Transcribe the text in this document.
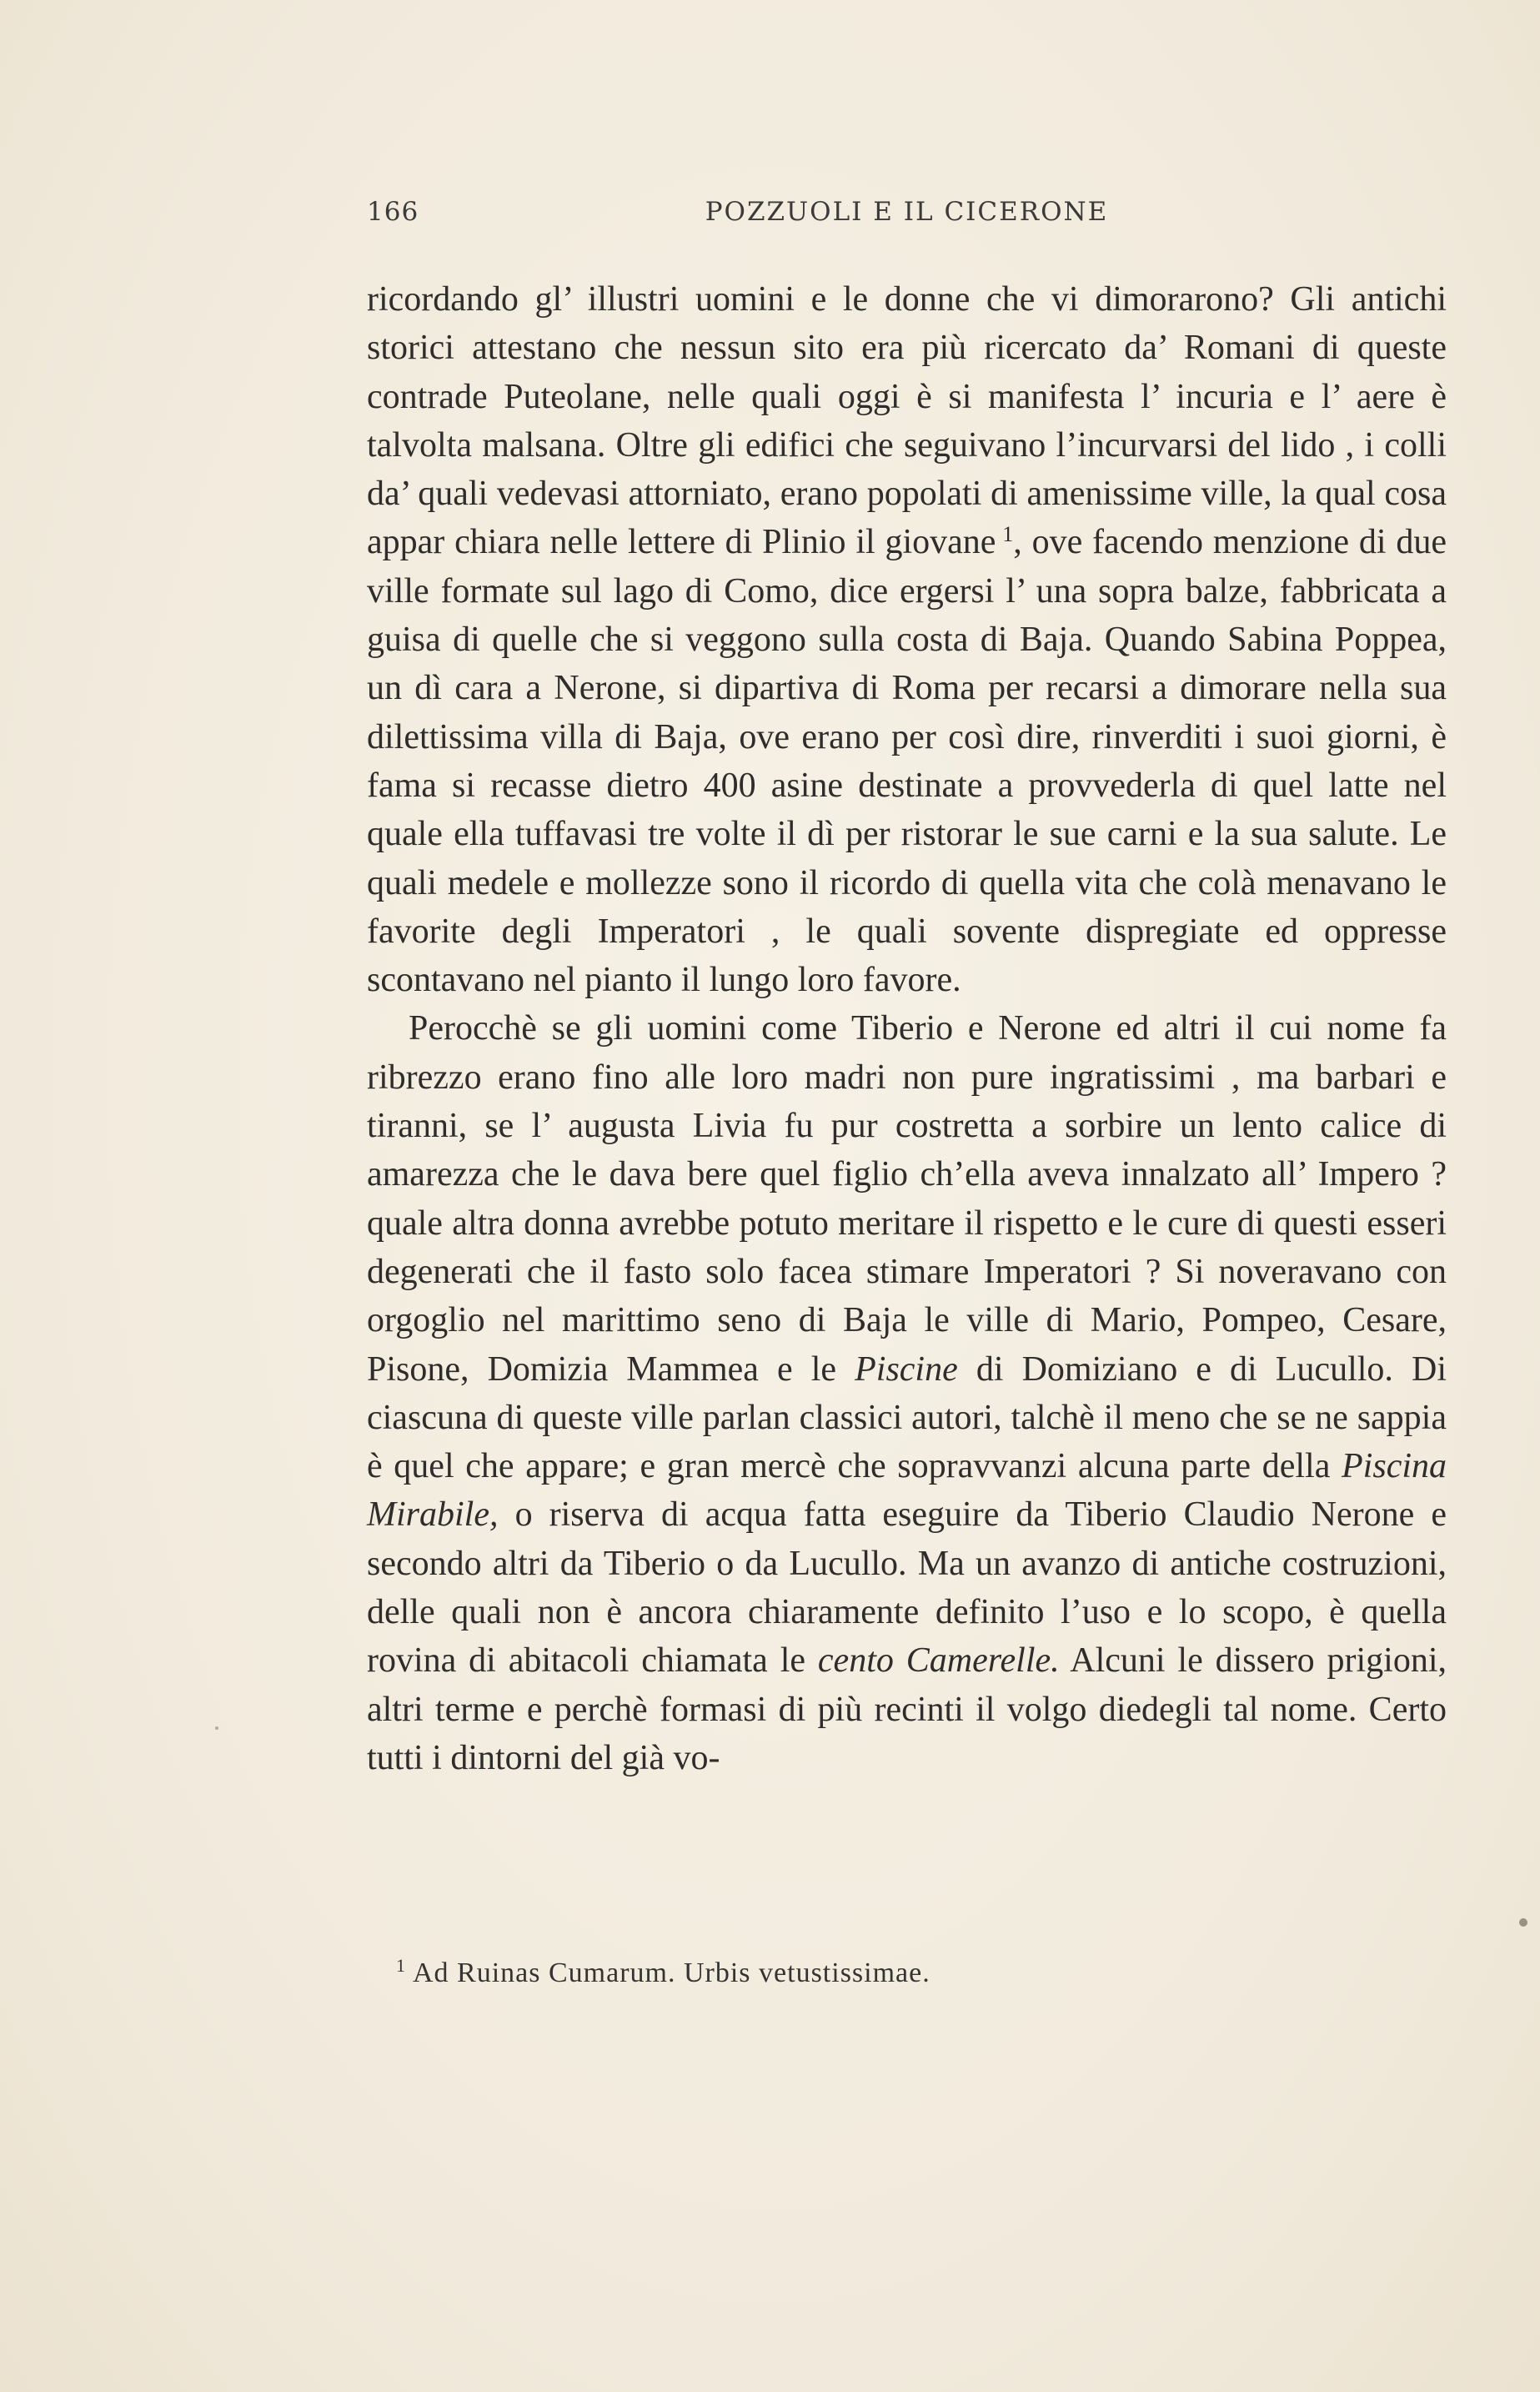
166	POZZUOLI E IL CICERONE

ricordando gl’ illustri uomini e le donne che vi dimorarono? Gli antichi storici attestano che nessun sito era più ricercato da’ Romani di queste contrade Puteolane, nelle quali oggi è si manifesta l’ incuria e l’ aere è talvolta malsana. Oltre gli edifici che seguivano l’incurvarsi del lido , i colli da’ quali vedevasi attorniato, erano popolati di amenissime ville, la qual cosa appar chiara nelle lettere di Plinio il giovane $^1$, ove facendo menzione di due ville formate sul lago di Como, dice ergersi l’ una sopra balze, fabbricata a guisa di quelle che si veggono sulla costa di Baja. Quando Sabina Poppea, un dì cara a Nerone, si dipartiva di Roma per recarsi a dimorare nella sua dilettissima villa di Baja, ove erano per così dire, rinverditi i suoi giorni, è fama si recasse dietro 400 asine destinate a provvederla di quel latte nel quale ella tuffavasi tre volte il dì per ristorar le sue carni e la sua salute. Le quali medele e mollezze sono il ricordo di quella vita che colà menavano le favorite degli Imperatori , le quali sovente dispregiate ed oppresse scontavano nel pianto il lungo loro favore.

Perocchè se gli uomini come Tiberio e Nerone ed altri il cui nome fa ribrezzo erano fino alle loro madri non pure ingratissimi , ma barbari e tiranni, se l’ augusta Livia fu pur costretta a sorbire un lento calice di amarezza che le dava bere quel figlio ch’ella aveva innalzato all’ Impero ? quale altra donna avrebbe potuto meritare il rispetto e le cure di questi esseri degenerati che il fasto solo facea stimare Imperatori ? Si noveravano con orgoglio nel marittimo seno di Baja le ville di Mario, Pompeo, Cesare, Pisone, Domizia Mammea e le Piscine di Domiziano e di Lucullo. Di ciascuna di queste ville parlan classici autori, talchè il meno che se ne sappia è quel che appare; e gran mercè che sopravvanzi alcuna parte della Piscina Mirabile, o riserva di acqua fatta eseguire da Tiberio Claudio Nerone e secondo altri da Tiberio o da Lucullo. Ma un avanzo di antiche costruzioni, delle quali non è ancora chiaramente definito l’uso e lo scopo, è quella rovina di abitacoli chiamata le cento Camerelle. Alcuni le dissero prigioni, altri terme e perchè formasi di più recinti il volgo diedegli tal nome. Certo tutti i dintorni del già vo-

$^1$ Ad Ruinas Cumarum. Urbis vetustissimae.
